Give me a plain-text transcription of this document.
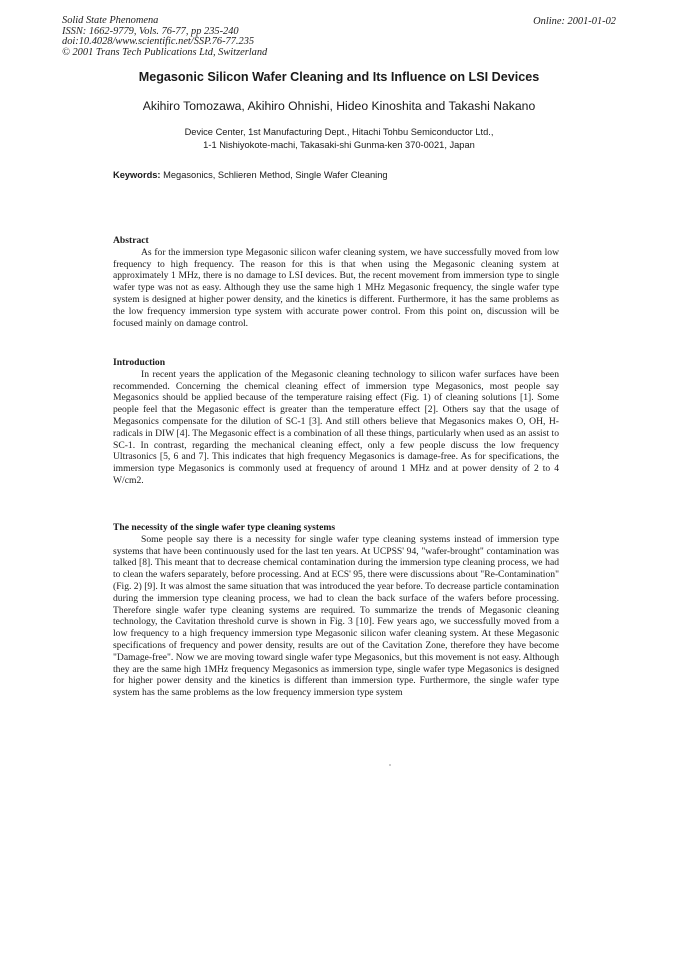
Solid State Phenomena
ISSN: 1662-9779, Vols. 76-77, pp 235-240
doi:10.4028/www.scientific.net/SSP.76-77.235
© 2001 Trans Tech Publications Ltd, Switzerland
Online: 2001-01-02
Megasonic Silicon Wafer Cleaning and Its Influence on LSI Devices
Akihiro Tomozawa, Akihiro Ohnishi, Hideo Kinoshita and Takashi Nakano
Device Center, 1st Manufacturing Dept., Hitachi Tohbu Semiconductor Ltd.,
1-1 Nishiyokote-machi, Takasaki-shi Gunma-ken 370-0021, Japan
Keywords: Megasonics, Schlieren Method, Single Wafer Cleaning
Abstract
As for the immersion type Megasonic silicon wafer cleaning system, we have successfully moved from low frequency to high frequency. The reason for this is that when using the Megasonic cleaning system at approximately 1 MHz, there is no damage to LSI devices. But, the recent movement from immersion type to single wafer type was not as easy. Although they use the same high 1 MHz Megasonic frequency, the single wafer type system is designed at higher power density, and the kinetics is different. Furthermore, it has the same problems as the low frequency immersion type system with accurate power control. From this point on, discussion will be focused mainly on damage control.
Introduction
In recent years the application of the Megasonic cleaning technology to silicon wafer surfaces have been recommended. Concerning the chemical cleaning effect of immersion type Megasonics, most people say Megasonics should be applied because of the temperature raising effect (Fig. 1) of cleaning solutions [1]. Some people feel that the Megasonic effect is greater than the temperature effect [2]. Others say that the usage of Megasonics compensate for the dilution of SC-1 [3]. And still others believe that Megasonics makes O, OH, H-radicals in DIW [4]. The Megasonic effect is a combination of all these things, particularly when used as an assist to SC-1. In contrast, regarding the mechanical cleaning effect, only a few people discuss the low frequency Ultrasonics [5, 6 and 7]. This indicates that high frequency Megasonics is damage-free. As for specifications, the immersion type Megasonics is commonly used at frequency of around 1 MHz and at power density of 2 to 4 W/cm2.
The necessity of the single wafer type cleaning systems
Some people say there is a necessity for single wafer type cleaning systems instead of immersion type systems that have been continuously used for the last ten years. At UCPSS' 94, "wafer-brought" contamination was talked [8]. This meant that to decrease chemical contamination during the immersion type cleaning process, we had to clean the wafers separately, before processing. And at ECS' 95, there were discussions about "Re-Contamination" (Fig. 2) [9]. It was almost the same situation that was introduced the year before. To decrease particle contamination during the immersion type cleaning process, we had to clean the back surface of the wafers before processing. Therefore single wafer type cleaning systems are required. To summarize the trends of Megasonic cleaning technology, the Cavitation threshold curve is shown in Fig. 3 [10]. Few years ago, we successfully moved from a low frequency to a high frequency immersion type Megasonic silicon wafer cleaning system. At these Megasonic specifications of frequency and power density, results are out of the Cavitation Zone, therefore they have become "Damage-free". Now we are moving toward single wafer type Megasonics, but this movement is not easy. Although they are the same high 1MHz frequency Megasonics as immersion type, single wafer type Megasonics is designed for higher power density and the kinetics is different than immersion type. Furthermore, the single wafer type system has the same problems as the low frequency immersion type system
